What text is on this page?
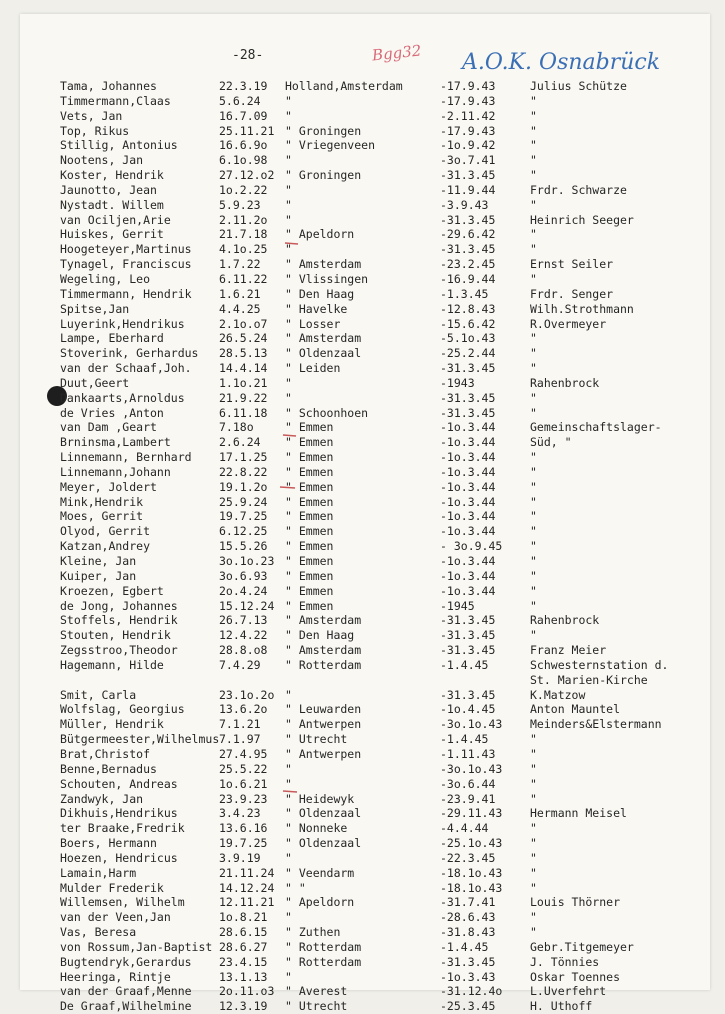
-28-	Bgg32 A.O.K. Osnabrück
Tama, Johannes	22.3.19 Holland,Amsterdam	-17.9.43	Julius Schütze
Timmermann,Claas	5.6.24 "	-17.9.43	"
Vets, Jan	16.7.09 "	-2.11.42	"
Top, Rikus	25.11.21 " Groningen	-17.9.43	"
Stillig, Antonius	16.6.9o " Vriegenveen	-1o.9.42	"
Nootens, Jan	6.1o.98 "	-3o.7.41	"
Koster, Hendrik	27.12.o2 " Groningen	-31.3.45	"
Jaunotto, Jean	1o.2.22 "	-11.9.44	Frdr. Schwarze
Nystadt. Willem	5.9.23 "	-3.9.43	"
van Ociljen,Arie	2.11.2o "	-31.3.45	Heinrich Seeger
Huiskes, Gerrit	21.7.18 " Apeldorn	-29.6.42	"
Hoogeteyer,Martinus 4.1o.25 "	-31.3.45	"
Tynagel, Franciscus 1.7.22 " Amsterdam	-23.2.45	Ernst Seiler
Wegeling, Leo	6.11.22 " Vlissingen	-16.9.44	"
Timmermann, Hendrik 1.6.21 " Den Haag	-1.3.45	Frdr. Senger
Spitse,Jan	4.4.25 " Havelke	-12.8.43	Wilh.Strothmann
Luyerink,Hendrikus	2.1o.o7 " Losser	-15.6.42	R.Overmeyer
Lampe, Eberhard	26.5.24 " Amsterdam	-5.1o.43	"
Stoverink, Gerhardus 28.5.13 " Oldenzaal	-25.2.44	"
van der Schaaf,Joh. 14.4.14 " Leiden	-31.3.45	"
Duut,Geert	1.1o.21 "	-1943	Rahenbrock
Dankaarts,Arnoldus	21.9.22 "	-31.3.45	"
de Vries ,Anton	6.11.18 " Schoonhoen	-31.3.45	"
van Dam ,Geart	7.18o	" Emmen	-1o.3.44	Gemeinschaftslager-
Brninsma,Lambert	2.6.24 " Emmen	-1o.3.44	Süd, "
Linnemann, Bernhard 17.1.25 " Emmen	-1o.3.44	"
Linnemann,Johann	22.8.22 " Emmen	-1o.3.44	"
Meyer, Joldert	19.1.2o " Emmen	-1o.3.44	"
Mink,Hendrik	25.9.24 " Emmen	-1o.3.44	"
Moes, Gerrit	19.7.25 " Emmen	-1o.3.44	"
Olyod, Gerrit	6.12.25 " Emmen	-1o.3.44	"
Katzan,Andrey	15.5.26 " Emmen	- 3o.9.45 "
Kleine, Jan	3o.1o.23 " Emmen	-1o.3.44	"
Kuiper, Jan	3o.6.93 " Emmen	-1o.3.44	"
Kroezen, Egbert	2o.4.24 " Emmen	-1o.3.44	"
de Jong, Johannes	15.12.24 " Emmen	-1945	"
Stoffels, Hendrik	26.7.13 " Amsterdam	-31.3.45	Rahenbrock
Stouten, Hendrik	12.4.22 " Den Haag	-31.3.45	"
Zegsstroo,Theodor	28.8.o8 " Amsterdam	-31.3.45	Franz Meier
Hagemann, Hilde	7.4.29 " Rotterdam	-1.4.45	Schwesternstation d.
St. Marien-Kirche
Smit, Carla	23.1o.2o "	-31.3.45	K.Matzow
Wolfslag, Georgius	13.6.2o " Leuwarden	-1o.4.45	Anton Mauntel
Müller, Hendrik	7.1.21 " Antwerpen	-3o.1o.43 Meinders&Elstermann
Bütgermeester,Wilhelmus 7.1.97 " Utrecht	-1.4.45	"
Brat,Christof	27.4.95 " Antwerpen	-1.11.43	"
Benne,Bernadus	25.5.22 "	-3o.1o.43 "
Schouten, Andreas	1o.6.21 "	-3o.6.44	"
Zandwyk, Jan	23.9.23 " Heidewyk	-23.9.41	"
Dikhuis,Hendrikus	3.4.23 " Oldenzaal	-29.11.43 Hermann Meisel
ter Braake,Fredrik	13.6.16 " Nonneke	-4.4.44	"
Boers, Hermann	19.7.25 " Oldenzaal	-25.1o.43 "
Hoezen, Hendricus	3.9.19 "	-22.3.45	"
Lamain,Harm	21.11.24 " Veendarm	-18.1o.43 "
Mulder Frederik	14.12.24 " "	-18.1o.43 "
Willemsen, Wilhelm	12.11.21 " Apeldorn	-31.7.41	Louis Thörner
van der Veen,Jan	1o.8.21 "	-28.6.43	"
Vas, Beresa	28.6.15 " Zuthen	-31.8.43	"
von Rossum,Jan-Baptist 28.6.27 " Rotterdam	-1.4.45	Gebr.Titgemeyer
Bugtendryk,Gerardus 23.4.15 " Rotterdam	-31.3.45	J. Tönnies
Heeringa, Rintje	13.1.13 "	-1o.3.43	Oskar Toennes
van der Graaf,Menne 2o.11.o3 " Averest	-31.12.4o L.Uverfehrt
De Graaf,Wilhelmine 12.3.19 " Utrecht	-25.3.45	H. Uthoff
